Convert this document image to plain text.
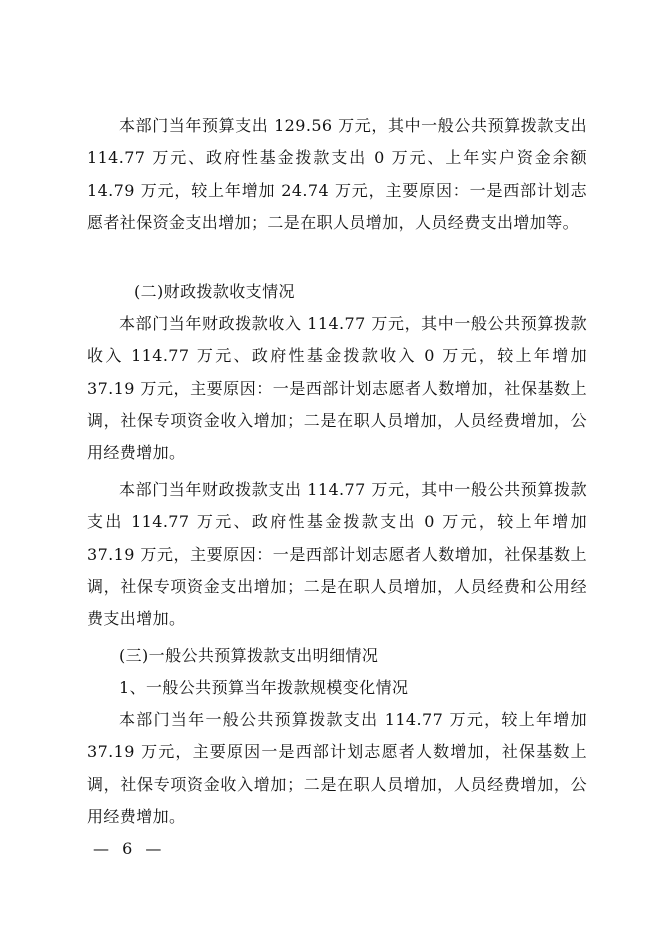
本部门当年预算支出 129.56 万元，其中一般公共预算拨款支出 114.77 万元、政府性基金拨款支出 0 万元、上年实户资金余额 14.79 万元，较上年增加 24.74 万元，主要原因：一是西部计划志愿者社保资金支出增加；二是在职人员增加，人员经费支出增加等。

(二)财政拨款收支情况

本部门当年财政拨款收入 114.77 万元，其中一般公共预算拨款收入 114.77 万元、政府性基金拨款收入 0 万元，较上年增加 37.19 万元，主要原因：一是西部计划志愿者人数增加，社保基数上调，社保专项资金收入增加；二是在职人员增加，人员经费增加，公用经费增加。

本部门当年财政拨款支出 114.77 万元，其中一般公共预算拨款支出 114.77 万元、政府性基金拨款支出 0 万元，较上年增加 37.19 万元，主要原因：一是西部计划志愿者人数增加，社保基数上调，社保专项资金支出增加；二是在职人员增加，人员经费和公用经费支出增加。

(三)一般公共预算拨款支出明细情况

1、一般公共预算当年拨款规模变化情况

本部门当年一般公共预算拨款支出 114.77 万元，较上年增加 37.19 万元，主要原因一是西部计划志愿者人数增加，社保基数上调，社保专项资金收入增加；二是在职人员增加，人员经费增加，公用经费增加。

— 6 —
